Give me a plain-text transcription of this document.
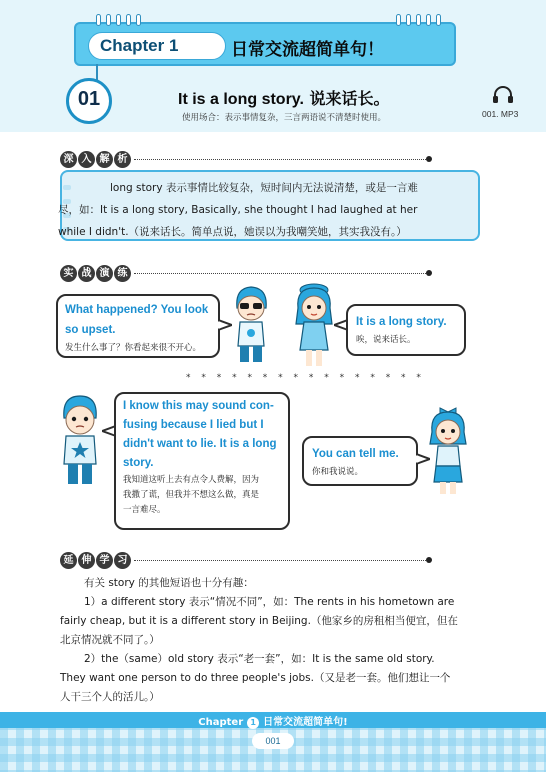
Chapter 1	日常交流超简单句！
01	It is a long story. 说来话长。
使用场合：表示事情复杂，三言两语说不清楚时使用。	001. MP3
深 入 解 析
long story 表示事情比较复杂，短时间内无法说清楚，或是一言难
尽，如：It is a long story, Basically, she thought I had laughed at her
while I didn't.（说来话长。简单点说，她误以为我嘲笑她，其实我没有。）
实 战 演 练
What happened? You look
so upset.
发生什么事了？你看起来很不开心。
It is a long story.
唉，说来话长。
* * * * * * * * * * * * * * * *
I know this may sound con-
fusing because I lied but I
didn't want to lie. It is a long
story.
我知道这听上去有点令人费解，因为
我撒了谎，但我并不想这么做，真是
一言难尽。
You can tell me.
你和我说说。
延 伸 学 习
有关 story 的其他短语也十分有趣：
1）a different story 表示“情况不同”，如：The rents in his hometown are
fairly cheap, but it is a different story in Beijing.（他家乡的房租相当便宜，但在
北京情况就不同了。）
2）the（same）old story 表示“老一套”，如：It is the same old story.
They want one person to do three people's jobs.（又是老一套。他们想让一个
人干三个人的活儿。）
Chapter 1 日常交流超简单句!
001
